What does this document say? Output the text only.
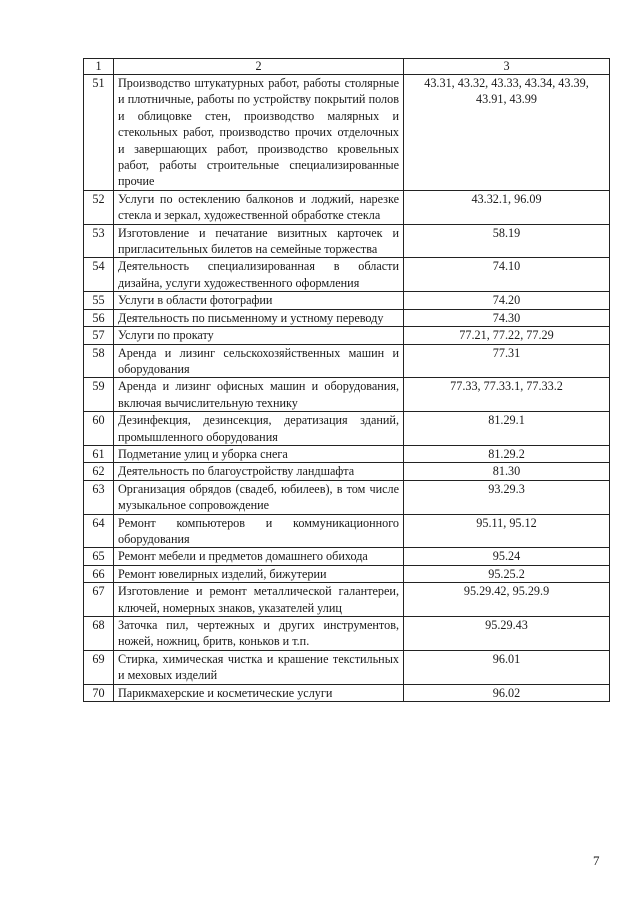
1	2	3
51	Производство штукатурных работ, работы столярные и плотничные, работы по устройству покрытий полов и облицовке стен, производство малярных и стекольных работ, производство прочих отделочных и завершающих работ, производство кровельных работ, работы строительные специализированные прочие	43.31, 43.32, 43.33, 43.34, 43.39, 43.91, 43.99
52	Услуги по остеклению балконов и лоджий, нарезке стекла и зеркал, художественной обработке стекла	43.32.1, 96.09
53	Изготовление и печатание визитных карточек и пригласительных билетов на семейные торжества	58.19
54	Деятельность специализированная в области дизайна, услуги художественного оформления	74.10
55	Услуги в области фотографии	74.20
56	Деятельность по письменному и устному переводу	74.30
57	Услуги по прокату	77.21, 77.22, 77.29
58	Аренда и лизинг сельскохозяйственных машин и оборудования	77.31
59	Аренда и лизинг офисных машин и оборудования, включая вычислительную технику	77.33, 77.33.1, 77.33.2
60	Дезинфекция, дезинсекция, дератизация зданий, промышленного оборудования	81.29.1
61	Подметание улиц и уборка снега	81.29.2
62	Деятельность по благоустройству ландшафта	81.30
63	Организация обрядов (свадеб, юбилеев), в том числе музыкальное сопровождение	93.29.3
64	Ремонт компьютеров и коммуникационного оборудования	95.11, 95.12
65	Ремонт мебели и предметов домашнего обихода	95.24
66	Ремонт ювелирных изделий, бижутерии	95.25.2
67	Изготовление и ремонт металлической галантереи, ключей, номерных знаков, указателей улиц	95.29.42, 95.29.9
68	Заточка пил, чертежных и других инструментов, ножей, ножниц, бритв, коньков и т.п.	95.29.43
69	Стирка, химическая чистка и крашение текстильных и меховых изделий	96.01
70	Парикмахерские и косметические услуги	96.02
7
